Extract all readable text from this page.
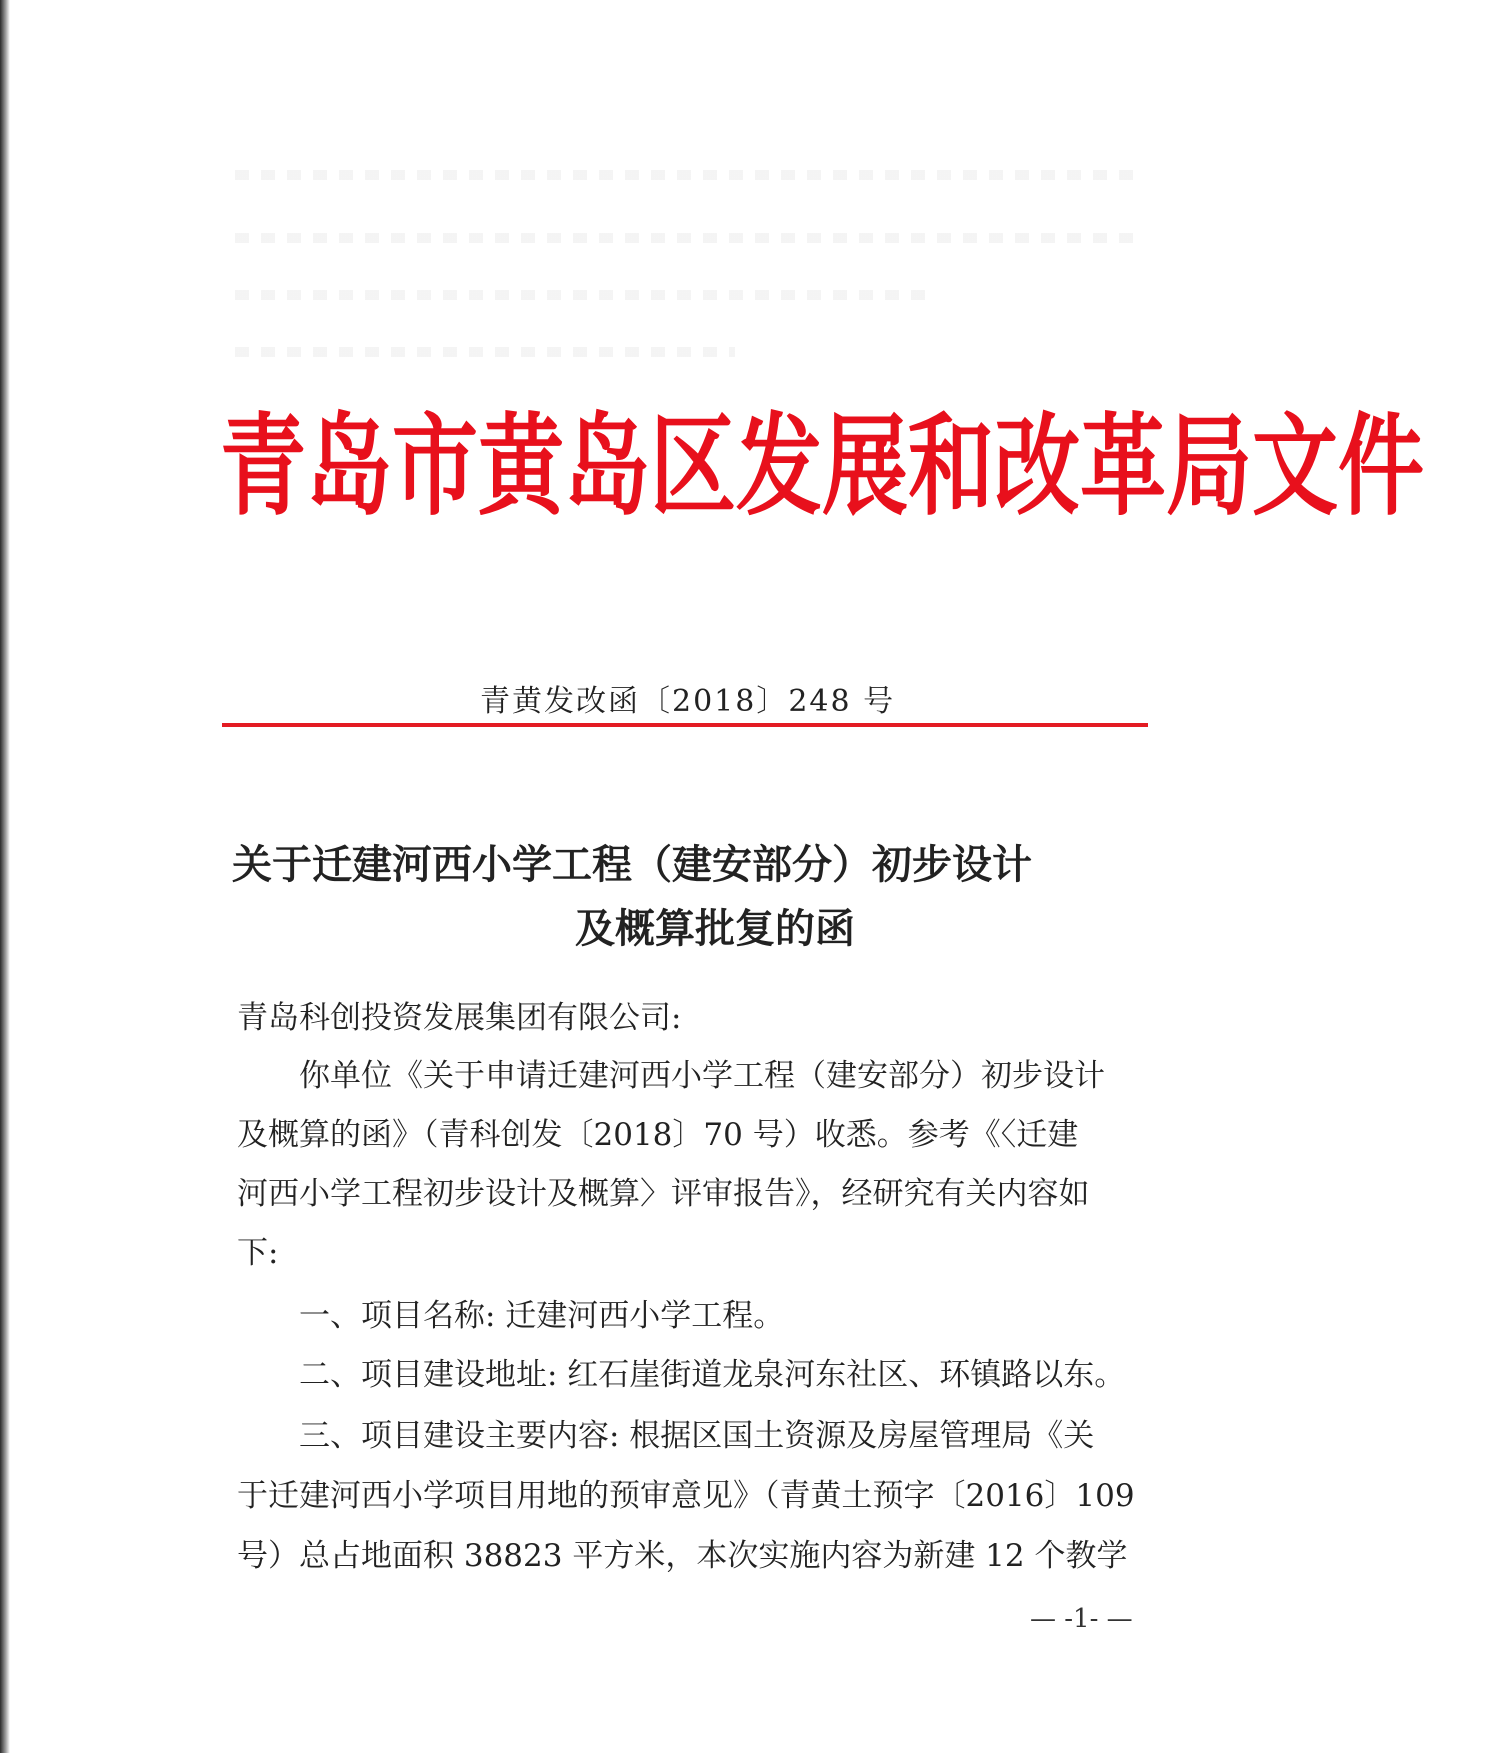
青岛市黄岛区发展和改革局文件
青黄发改函〔2018〕248 号
关于迁建河西小学工程（建安部分）初步设计
及概算批复的函
青岛科创投资发展集团有限公司:
　　你单位《关于申请迁建河西小学工程（建安部分）初步设计
及概算的函》（青科创发〔2018〕70 号）收悉。参考《〈迁建
河西小学工程初步设计及概算〉评审报告》，经研究有关内容如
下:
　　一、项目名称: 迁建河西小学工程。
　　二、项目建设地址: 红石崖街道龙泉河东社区、环镇路以东。
　　三、项目建设主要内容: 根据区国土资源及房屋管理局《关
于迁建河西小学项目用地的预审意见》（青黄土预字〔2016〕109
号）总占地面积 38823 平方米，本次实施内容为新建 12 个教学
— -1- —
